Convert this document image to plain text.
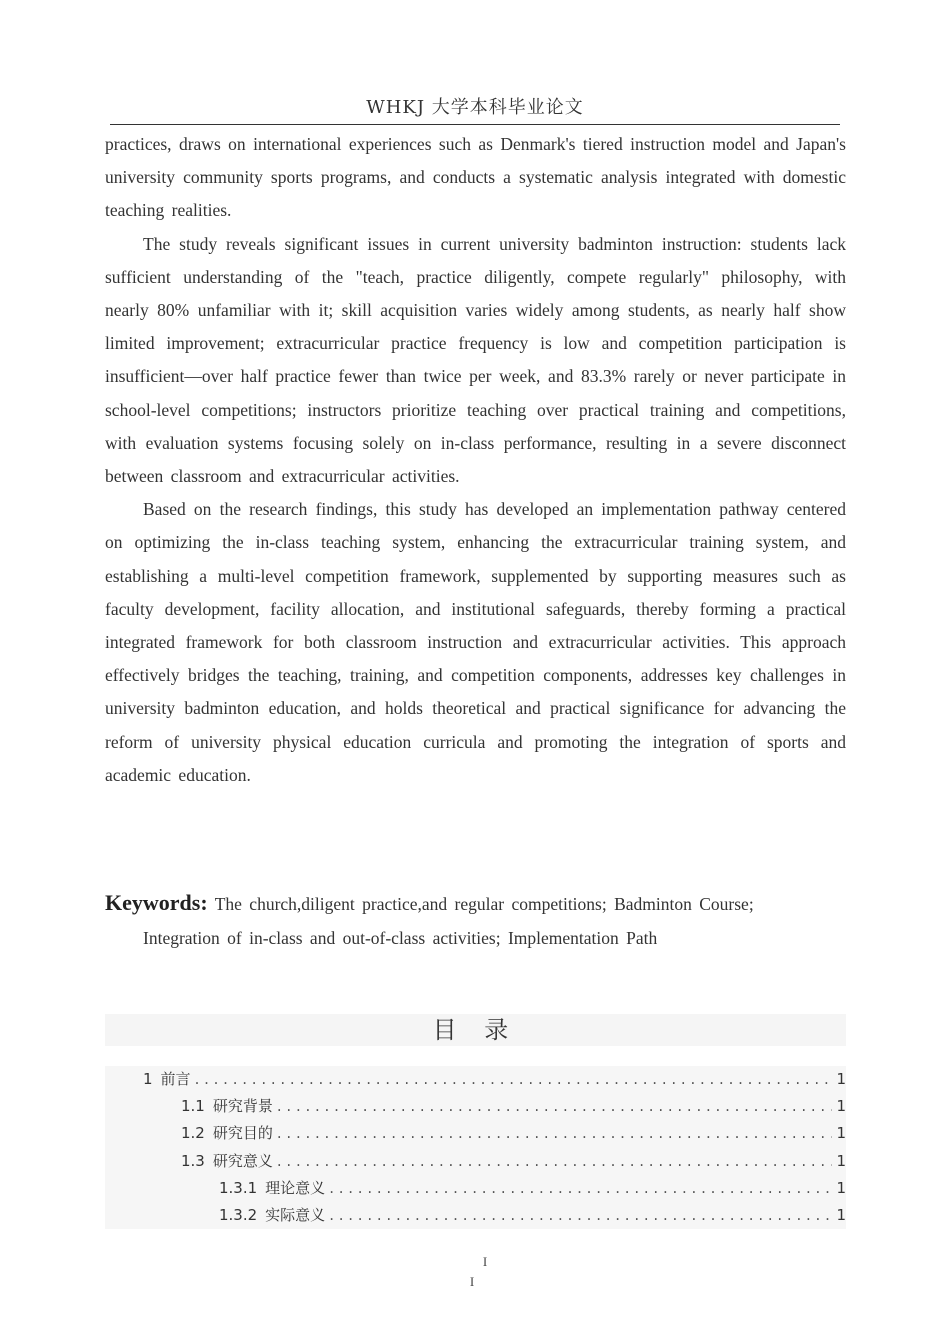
WHKJ 大学本科毕业论文

practices, draws on international experiences such as Denmark's tiered instruction model and Japan's university community sports programs, and conducts a systematic analysis integrated with domestic teaching realities.

The study reveals significant issues in current university badminton instruction: students lack sufficient understanding of the "teach, practice diligently, compete regularly" philosophy, with nearly 80% unfamiliar with it; skill acquisition varies widely among students, as nearly half show limited improvement; extracurricular practice frequency is low and competition participation is insufficient—over half practice fewer than twice per week, and 83.3% rarely or never participate in school-level competitions; instructors prioritize teaching over practical training and competitions, with evaluation systems focusing solely on in-class performance, resulting in a severe disconnect between classroom and extracurricular activities.

Based on the research findings, this study has developed an implementation pathway centered on optimizing the in-class teaching system, enhancing the extracurricular training system, and establishing a multi-level competition framework, supplemented by supporting measures such as faculty development, facility allocation, and institutional safeguards, thereby forming a practical integrated framework for both classroom instruction and extracurricular activities. This approach effectively bridges the teaching, training, and competition components, addresses key challenges in university badminton education, and holds theoretical and practical significance for advancing the reform of university physical education curricula and promoting the integration of sports and academic education.

Keywords: The church,diligent practice,and regular competitions; Badminton Course;
Integration of in-class and out-of-class activities; Implementation Path
目 录
1 前言 . . .	1
1.1 研究背景 . . .	1
1.2 研究目的 . . .	1
1.3 研究意义 . . .	1
1.3.1 理论意义 . . .	1
1.3.2 实际意义 . . .	1
I
I
